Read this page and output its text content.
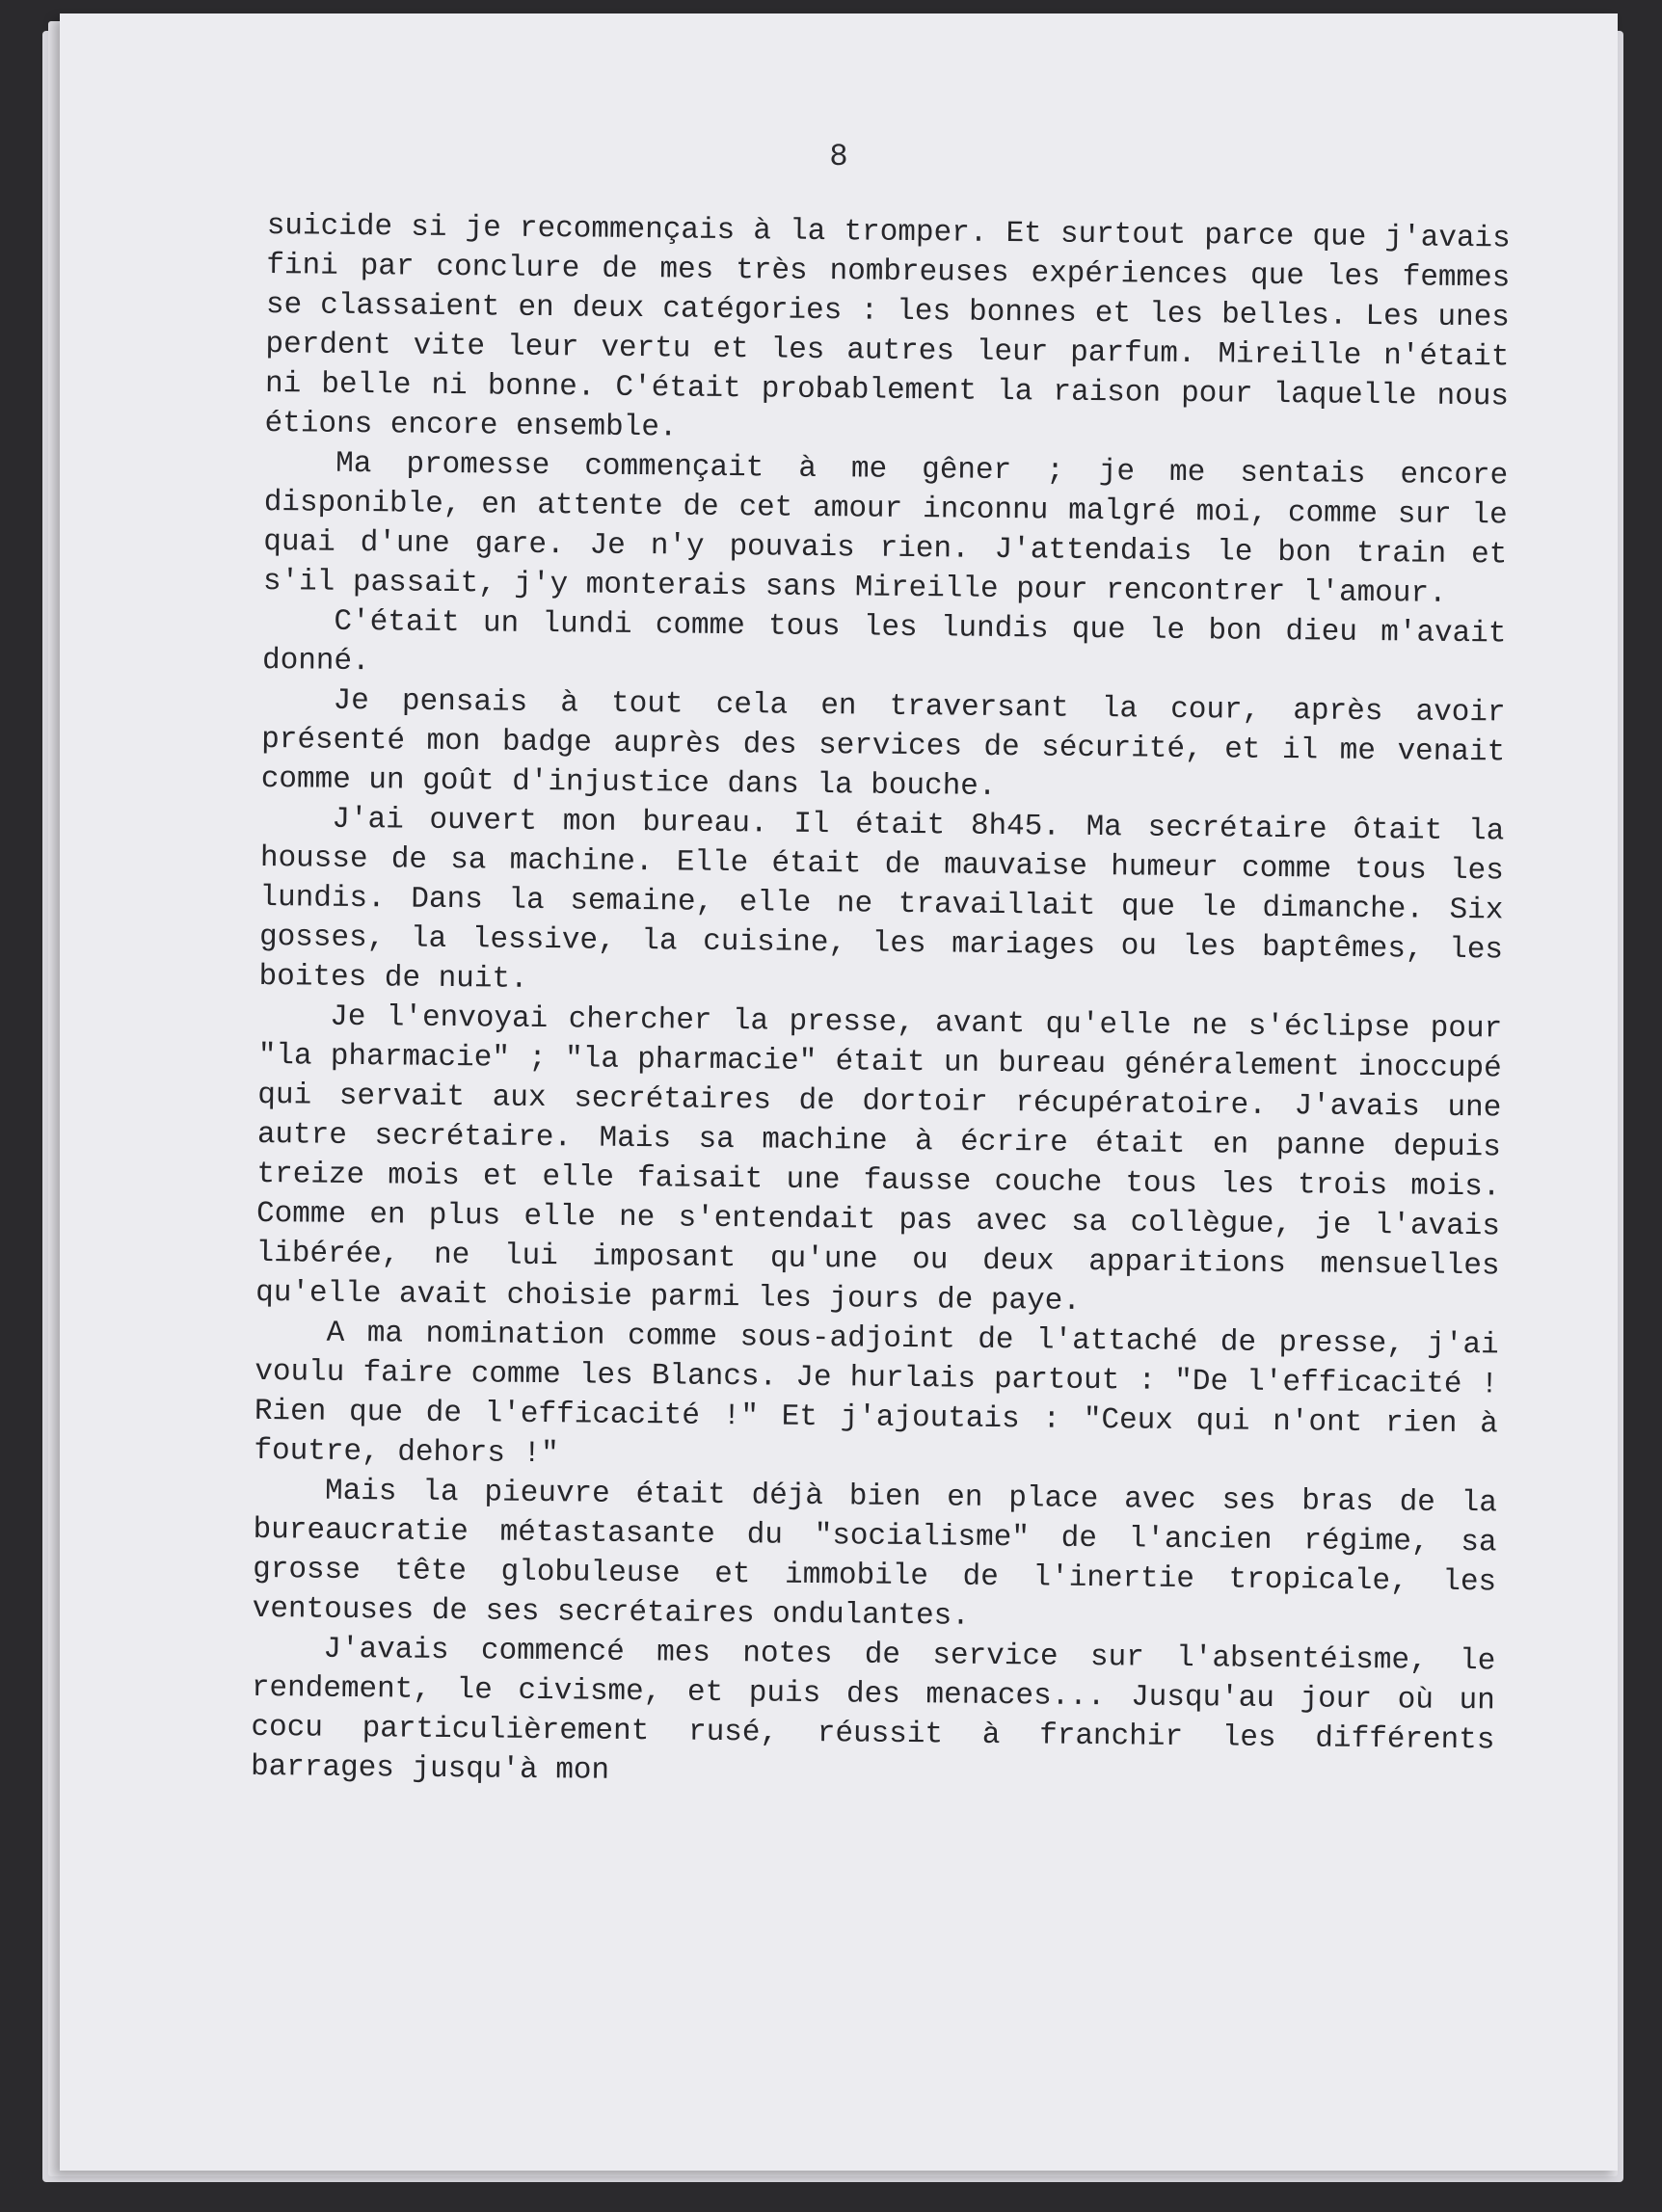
8

suicide si je recommençais à la tromper. Et surtout parce que j'avais fini par conclure de mes très nombreuses expériences que les femmes se classaient en deux catégories : les bonnes et les belles. Les unes perdent vite leur vertu et les autres leur parfum. Mireille n'était ni belle ni bonne. C'était probablement la raison pour laquelle nous étions encore ensemble.

Ma promesse commençait à me gêner ; je me sentais encore disponible, en attente de cet amour inconnu malgré moi, comme sur le quai d'une gare. Je n'y pouvais rien. J'attendais le bon train et s'il passait, j'y monterais sans Mireille pour rencontrer l'amour.

C'était un lundi comme tous les lundis que le bon dieu m'avait donné.

Je pensais à tout cela en traversant la cour, après avoir présenté mon badge auprès des services de sécurité, et il me venait comme un goût d'injustice dans la bouche.

J'ai ouvert mon bureau. Il était 8h45. Ma secrétaire ôtait la housse de sa machine. Elle était de mauvaise humeur comme tous les lundis. Dans la semaine, elle ne travaillait que le dimanche. Six gosses, la lessive, la cuisine, les mariages ou les baptêmes, les boites de nuit.

Je l'envoyai chercher la presse, avant qu'elle ne s'éclipse pour "la pharmacie" ; "la pharmacie" était un bureau généralement inoccupé qui servait aux secrétaires de dortoir récupératoire. J'avais une autre secrétaire. Mais sa machine à écrire était en panne depuis treize mois et elle faisait une fausse couche tous les trois mois. Comme en plus elle ne s'entendait pas avec sa collègue, je l'avais libérée, ne lui imposant qu'une ou deux apparitions mensuelles qu'elle avait choisie parmi les jours de paye.

A ma nomination comme sous-adjoint de l'attaché de presse, j'ai voulu faire comme les Blancs. Je hurlais partout : "De l'efficacité ! Rien que de l'efficacité !" Et j'ajoutais : "Ceux qui n'ont rien à foutre, dehors !"

Mais la pieuvre était déjà bien en place avec ses bras de la bureaucratie métastasante du "socialisme" de l'ancien régime, sa grosse tête globuleuse et immobile de l'inertie tropicale, les ventouses de ses secrétaires ondulantes.

J'avais commencé mes notes de service sur l'absentéisme, le rendement, le civisme, et puis des menaces... Jusqu'au jour où un cocu particulièrement rusé, réussit à franchir les différents barrages jusqu'à mon
